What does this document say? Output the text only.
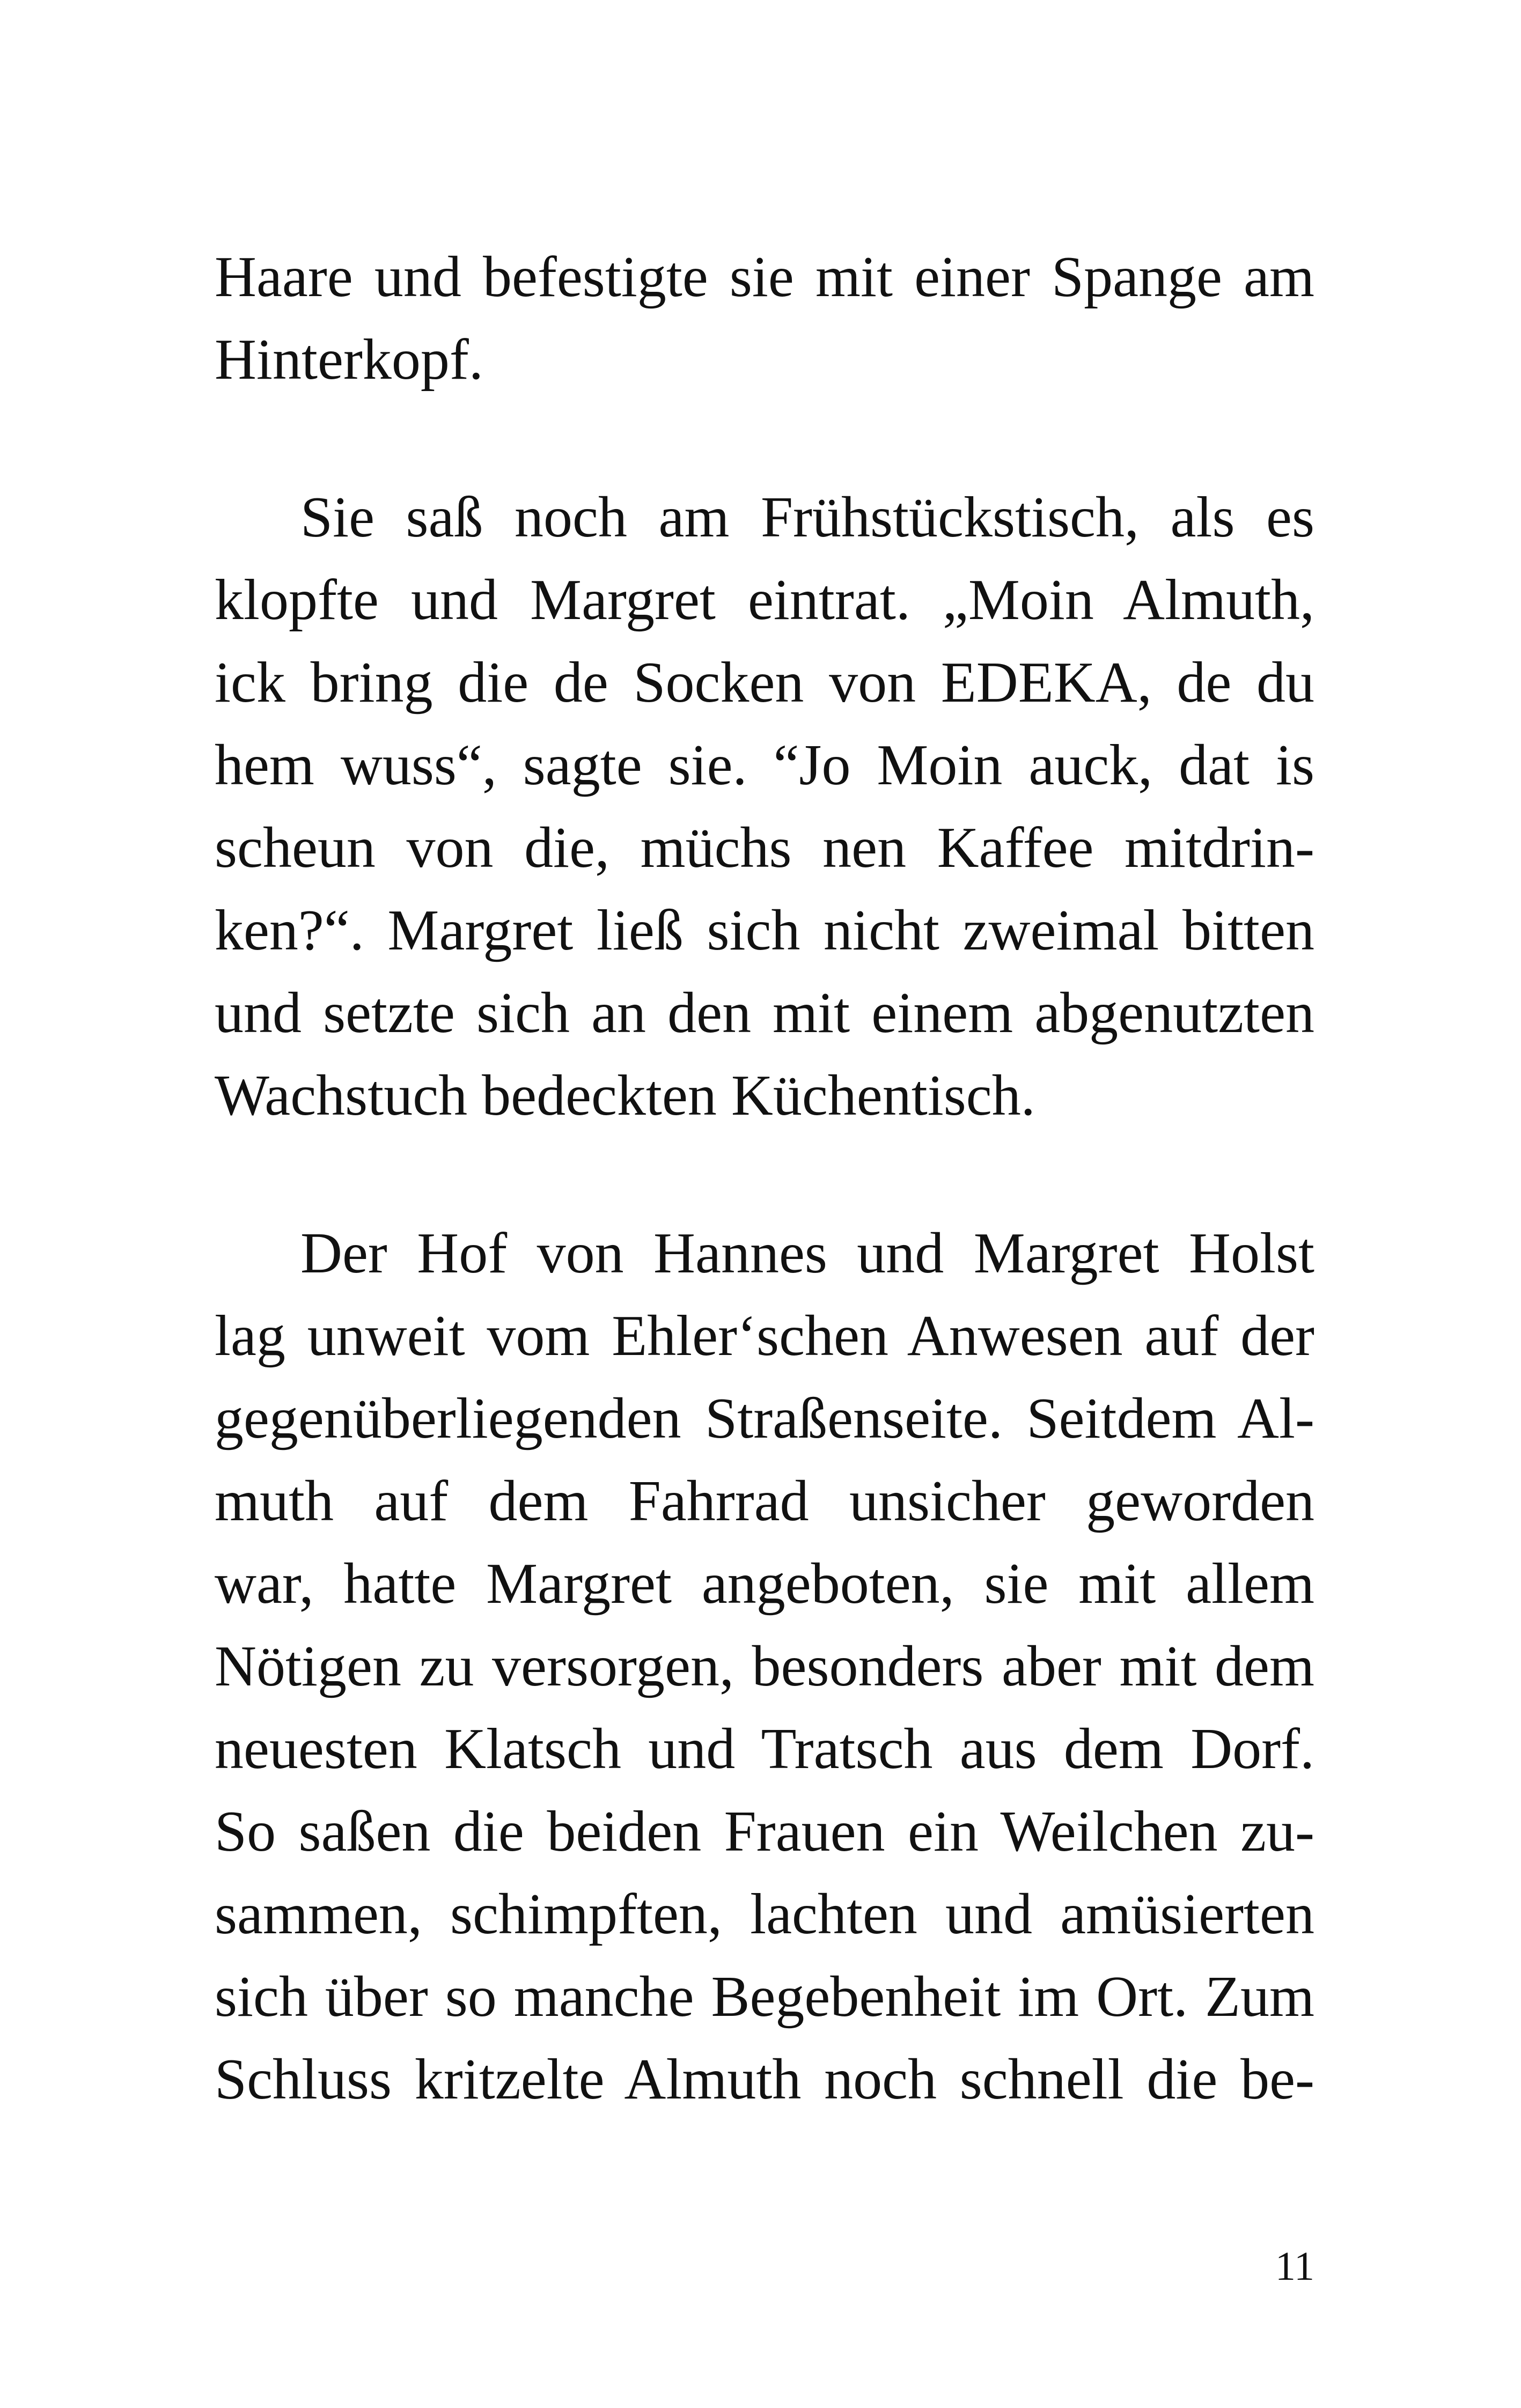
Haare und befestigte sie mit einer Spange am
Hinterkopf.
Sie saß noch am Frühstückstisch, als es
klopfte und Margret eintrat. „Moin Almuth,
ick bring die de Socken von EDEKA, de du
hem wuss“, sagte sie. “Jo Moin auck, dat is
scheun von die, müchs nen Kaffee mitdrin-
ken?“. Margret ließ sich nicht zweimal bitten
und setzte sich an den mit einem abgenutzten
Wachstuch bedeckten Küchentisch.
Der Hof von Hannes und Margret Holst
lag unweit vom Ehler‘schen Anwesen auf der
gegenüberliegenden Straßenseite. Seitdem Al-
muth auf dem Fahrrad unsicher geworden
war, hatte Margret angeboten, sie mit allem
Nötigen zu versorgen, besonders aber mit dem
neuesten Klatsch und Tratsch aus dem Dorf.
So saßen die beiden Frauen ein Weilchen zu-
sammen, schimpften, lachten und amüsierten
sich über so manche Begebenheit im Ort. Zum
Schluss kritzelte Almuth noch schnell die be-
11
